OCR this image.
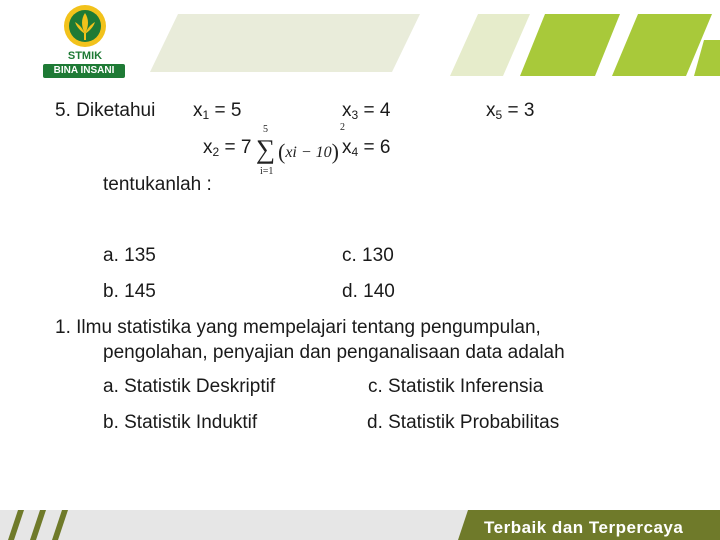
STMIK
BINA INSANI
5. Diketahui $x_1 = 5$	$x_3 = 4$	$x_5 = 3$
$x_2 = 7$	$x_4 = 6$
5
∑
i=1
(xi − 10)
2
tentukanlah :
a. 135	c. 130
b. 145	d. 140
1. Ilmu statistika yang mempelajari tentang pengumpulan,
pengolahan, penyajian dan penganalisaan data adalah
a. Statistik Deskriptif	c. Statistik Inferensia
b. Statistik Induktif	d. Statistik Probabilitas
Terbaik dan Terpercaya
